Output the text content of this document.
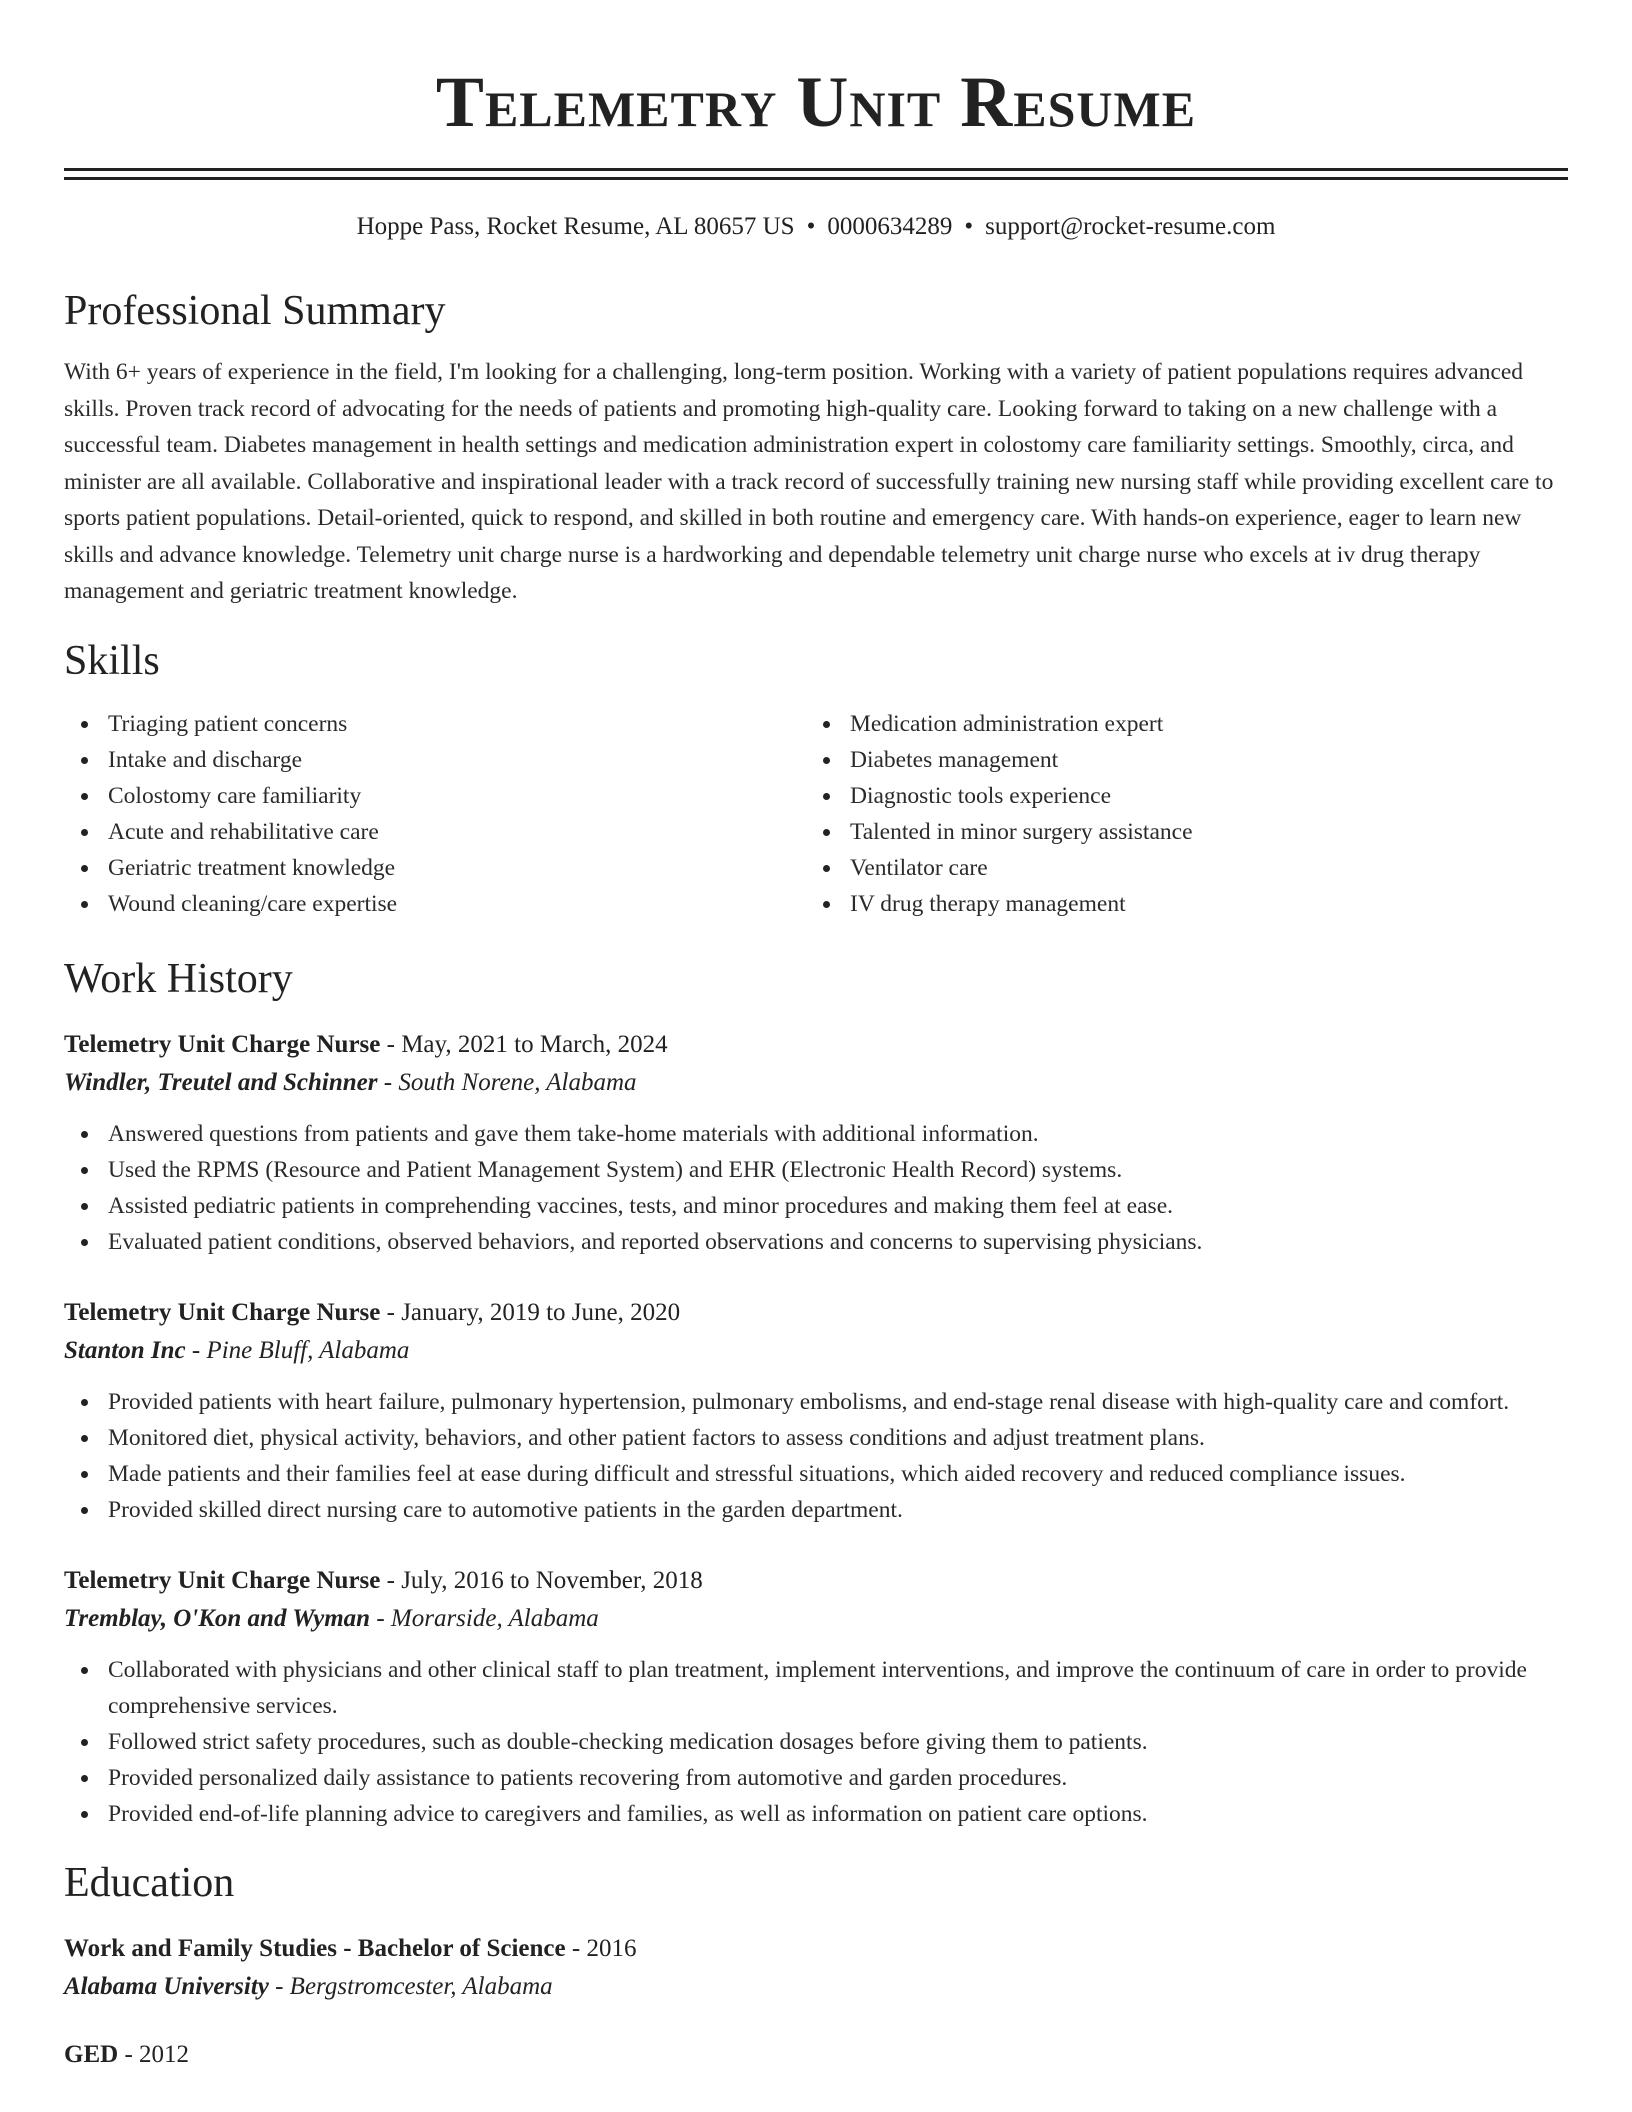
Telemetry Unit Resume
Hoppe Pass, Rocket Resume, AL 80657 US • 0000634289 • support@rocket-resume.com
Professional Summary

With 6+ years of experience in the field, I'm looking for a challenging, long-term position. Working with a variety of patient populations requires advanced skills. Proven track record of advocating for the needs of patients and promoting high-quality care. Looking forward to taking on a new challenge with a successful team. Diabetes management in health settings and medication administration expert in colostomy care familiarity settings. Smoothly, circa, and minister are all available. Collaborative and inspirational leader with a track record of successfully training new nursing staff while providing excellent care to sports patient populations. Detail-oriented, quick to respond, and skilled in both routine and emergency care. With hands-on experience, eager to learn new skills and advance knowledge. Telemetry unit charge nurse is a hardworking and dependable telemetry unit charge nurse who excels at iv drug therapy management and geriatric treatment knowledge.

Skills
Triaging patient concerns
Intake and discharge
Colostomy care familiarity
Acute and rehabilitative care
Geriatric treatment knowledge
Wound cleaning/care expertise
Medication administration expert
Diabetes management
Diagnostic tools experience
Talented in minor surgery assistance
Ventilator care
IV drug therapy management
Work History
Telemetry Unit Charge Nurse - May, 2021 to March, 2024
Windler, Treutel and Schinner - South Norene, Alabama
Answered questions from patients and gave them take-home materials with additional information.
Used the RPMS (Resource and Patient Management System) and EHR (Electronic Health Record) systems.
Assisted pediatric patients in comprehending vaccines, tests, and minor procedures and making them feel at ease.
Evaluated patient conditions, observed behaviors, and reported observations and concerns to supervising physicians.
Telemetry Unit Charge Nurse - January, 2019 to June, 2020
Stanton Inc - Pine Bluff, Alabama
Provided patients with heart failure, pulmonary hypertension, pulmonary embolisms, and end-stage renal disease with high-quality care and comfort.
Monitored diet, physical activity, behaviors, and other patient factors to assess conditions and adjust treatment plans.
Made patients and their families feel at ease during difficult and stressful situations, which aided recovery and reduced compliance issues.
Provided skilled direct nursing care to automotive patients in the garden department.
Telemetry Unit Charge Nurse - July, 2016 to November, 2018
Tremblay, O'Kon and Wyman - Morarside, Alabama
Collaborated with physicians and other clinical staff to plan treatment, implement interventions, and improve the continuum of care in order to provide comprehensive services.
Followed strict safety procedures, such as double-checking medication dosages before giving them to patients.
Provided personalized daily assistance to patients recovering from automotive and garden procedures.
Provided end-of-life planning advice to caregivers and families, as well as information on patient care options.
Education
Work and Family Studies - Bachelor of Science - 2016
Alabama University - Bergstromcester, Alabama
GED - 2012
